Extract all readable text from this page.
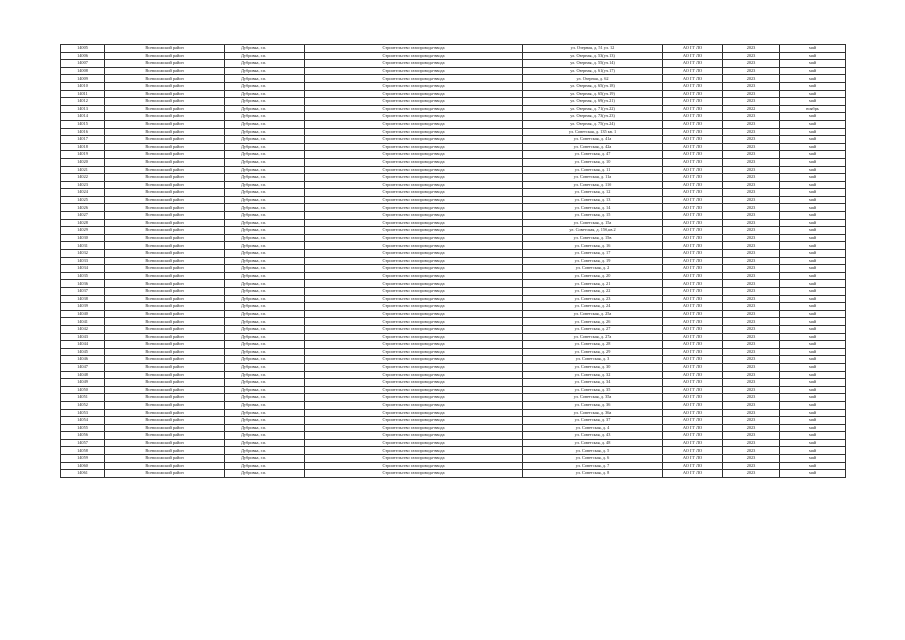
14005	Всеволожский район	Дубровка, г.п.	Строительство газопровода-ввода	ул. Озерная, д. 51 ул. 12	АО ГГ ЛО	2023	май
14006	Всеволожский район	Дубровка, г.п.	Строительство газопровода-ввода	ул. Озерная, д. 53(уч.13)	АО ГГ ЛО	2023	май
14007	Всеволожский район	Дубровка, г.п.	Строительство газопровода-ввода	ул. Озерная, д. 55(уч.14)	АО ГГ ЛО	2023	май
14008	Всеволожский район	Дубровка, г.п.	Строительство газопровода-ввода	ул. Озерная, д. 61(уч.17)	АО ГГ ЛО	2023	май
14009	Всеволожский район	Дубровка, г.п.	Строительство газопровода-ввода	ул. Озерная, д. 62	АО ГГ ЛО	2023	май
14010	Всеволожский район	Дубровка, г.п.	Строительство газопровода-ввода	ул. Озерная, д. 65(уч.18)	АО ГГ ЛО	2023	май
14011	Всеволожский район	Дубровка, г.п.	Строительство газопровода-ввода	ул. Озерная, д. 65(уч.19)	АО ГГ ЛО	2023	май
14012	Всеволожский район	Дубровка, г.п.	Строительство газопровода-ввода	ул. Озерная, д. 69(уч.21)	АО ГГ ЛО	2023	май
14013	Всеволожский район	Дубровка, г.п.	Строительство газопровода-ввода	ул. Озерная, д. 71(уч.22)	АО ГГ ЛО	2022	ноябрь
14014	Всеволожский район	Дубровка, г.п.	Строительство газопровода-ввода	ул. Озерная, д. 73(уч.23)	АО ГГ ЛО	2023	май
14015	Всеволожский район	Дубровка, г.п.	Строительство газопровода-ввода	ул. Озерная, д. 75(уч.24)	АО ГГ ЛО	2023	май
14016	Всеволожский район	Дубровка, г.п.	Строительство газопровода-ввода	ул. Советская, д. 135 кв. 1	АО ГГ ЛО	2023	май
14017	Всеволожский район	Дубровка, г.п.	Строительство газопровода-ввода	ул. Советская, д. 41а	АО ГГ ЛО	2023	май
14018	Всеволожский район	Дубровка, г.п.	Строительство газопровода-ввода	ул. Советская, д. 42а	АО ГГ ЛО	2023	май
14019	Всеволожский район	Дубровка, г.п.	Строительство газопровода-ввода	ул. Советская, д. 47	АО ГГ ЛО	2023	май
14020	Всеволожский район	Дубровка, г.п.	Строительство газопровода-ввода	ул. Советская, д. 10	АО ГГ ЛО	2023	май
14021	Всеволожский район	Дубровка, г.п.	Строительство газопровода-ввода	ул. Советская, д. 11	АО ГГ ЛО	2023	май
14022	Всеволожский район	Дубровка, г.п.	Строительство газопровода-ввода	ул. Советская, д. 11а	АО ГГ ЛО	2023	май
14023	Всеволожский район	Дубровка, г.п.	Строительство газопровода-ввода	ул. Советская, д. 11б	АО ГГ ЛО	2023	май
14024	Всеволожский район	Дубровка, г.п.	Строительство газопровода-ввода	ул. Советская, д. 12	АО ГГ ЛО	2023	май
14025	Всеволожский район	Дубровка, г.п.	Строительство газопровода-ввода	ул. Советская, д. 13	АО ГГ ЛО	2023	май
14026	Всеволожский район	Дубровка, г.п.	Строительство газопровода-ввода	ул. Советская, д. 14	АО ГГ ЛО	2023	май
14027	Всеволожский район	Дубровка, г.п.	Строительство газопровода-ввода	ул. Советская, д. 15	АО ГГ ЛО	2023	май
14028	Всеволожский район	Дубровка, г.п.	Строительство газопровода-ввода	ул. Советская, д. 15а	АО ГГ ЛО	2023	май
14029	Всеволожский район	Дубровка, г.п.	Строительство газопровода-ввода	ул. Советская, д. 15б,кв.2	АО ГГ ЛО	2023	май
14030	Всеволожский район	Дубровка, г.п.	Строительство газопровода-ввода	ул. Советская, д. 15в	АО ГГ ЛО	2023	май
14031	Всеволожский район	Дубровка, г.п.	Строительство газопровода-ввода	ул. Советская, д. 16	АО ГГ ЛО	2023	май
14032	Всеволожский район	Дубровка, г.п.	Строительство газопровода-ввода	ул. Советская, д. 17	АО ГГ ЛО	2023	май
14033	Всеволожский район	Дубровка, г.п.	Строительство газопровода-ввода	ул. Советская, д. 19	АО ГГ ЛО	2023	май
14034	Всеволожский район	Дубровка, г.п.	Строительство газопровода-ввода	ул. Советская, д. 2	АО ГГ ЛО	2023	май
14035	Всеволожский район	Дубровка, г.п.	Строительство газопровода-ввода	ул. Советская, д. 20	АО ГГ ЛО	2023	май
14036	Всеволожский район	Дубровка, г.п.	Строительство газопровода-ввода	ул. Советская, д. 21	АО ГГ ЛО	2023	май
14037	Всеволожский район	Дубровка, г.п.	Строительство газопровода-ввода	ул. Советская, д. 22	АО ГГ ЛО	2023	май
14038	Всеволожский район	Дубровка, г.п.	Строительство газопровода-ввода	ул. Советская, д. 23	АО ГГ ЛО	2023	май
14039	Всеволожский район	Дубровка, г.п.	Строительство газопровода-ввода	ул. Советская, д. 24	АО ГГ ЛО	2023	май
14040	Всеволожский район	Дубровка, г.п.	Строительство газопровода-ввода	ул. Советская, д. 25а	АО ГГ ЛО	2023	май
14041	Всеволожский район	Дубровка, г.п.	Строительство газопровода-ввода	ул. Советская, д. 26	АО ГГ ЛО	2023	май
14042	Всеволожский район	Дубровка, г.п.	Строительство газопровода-ввода	ул. Советская, д. 27	АО ГГ ЛО	2023	май
14043	Всеволожский район	Дубровка, г.п.	Строительство газопровода-ввода	ул. Советская, д. 27а	АО ГГ ЛО	2023	май
14044	Всеволожский район	Дубровка, г.п.	Строительство газопровода-ввода	ул. Советская, д. 28	АО ГГ ЛО	2023	май
14045	Всеволожский район	Дубровка, г.п.	Строительство газопровода-ввода	ул. Советская, д. 29	АО ГГ ЛО	2023	май
14046	Всеволожский район	Дубровка, г.п.	Строительство газопровода-ввода	ул. Советская, д. 3	АО ГГ ЛО	2023	май
14047	Всеволожский район	Дубровка, г.п.	Строительство газопровода-ввода	ул. Советская, д. 30	АО ГГ ЛО	2023	май
14048	Всеволожский район	Дубровка, г.п.	Строительство газопровода-ввода	ул. Советская, д. 32	АО ГГ ЛО	2023	май
14049	Всеволожский район	Дубровка, г.п.	Строительство газопровода-ввода	ул. Советская, д. 34	АО ГГ ЛО	2023	май
14050	Всеволожский район	Дубровка, г.п.	Строительство газопровода-ввода	ул. Советская, д. 35	АО ГГ ЛО	2023	май
14051	Всеволожский район	Дубровка, г.п.	Строительство газопровода-ввода	ул. Советская, д. 35а	АО ГГ ЛО	2023	май
14052	Всеволожский район	Дубровка, г.п.	Строительство газопровода-ввода	ул. Советская, д. 36	АО ГГ ЛО	2023	май
14053	Всеволожский район	Дубровка, г.п.	Строительство газопровода-ввода	ул. Советская, д. 36а	АО ГГ ЛО	2023	май
14054	Всеволожский район	Дубровка, г.п.	Строительство газопровода-ввода	ул. Советская, д. 37	АО ГГ ЛО	2023	май
14055	Всеволожский район	Дубровка, г.п.	Строительство газопровода-ввода	ул. Советская, д. 4	АО ГГ ЛО	2023	май
14056	Всеволожский район	Дубровка, г.п.	Строительство газопровода-ввода	ул. Советская, д. 43	АО ГГ ЛО	2023	май
14057	Всеволожский район	Дубровка, г.п.	Строительство газопровода-ввода	ул. Советская, д. 48	АО ГГ ЛО	2023	май
14058	Всеволожский район	Дубровка, г.п.	Строительство газопровода-ввода	ул. Советская, д. 5	АО ГГ ЛО	2023	май
14059	Всеволожский район	Дубровка, г.п.	Строительство газопровода-ввода	ул. Советская, д. 6	АО ГГ ЛО	2023	май
14060	Всеволожский район	Дубровка, г.п.	Строительство газопровода-ввода	ул. Советская, д. 7	АО ГГ ЛО	2023	май
14061	Всеволожский район	Дубровка, г.п.	Строительство газопровода-ввода	ул. Советская, д. 8	АО ГГ ЛО	2023	май
